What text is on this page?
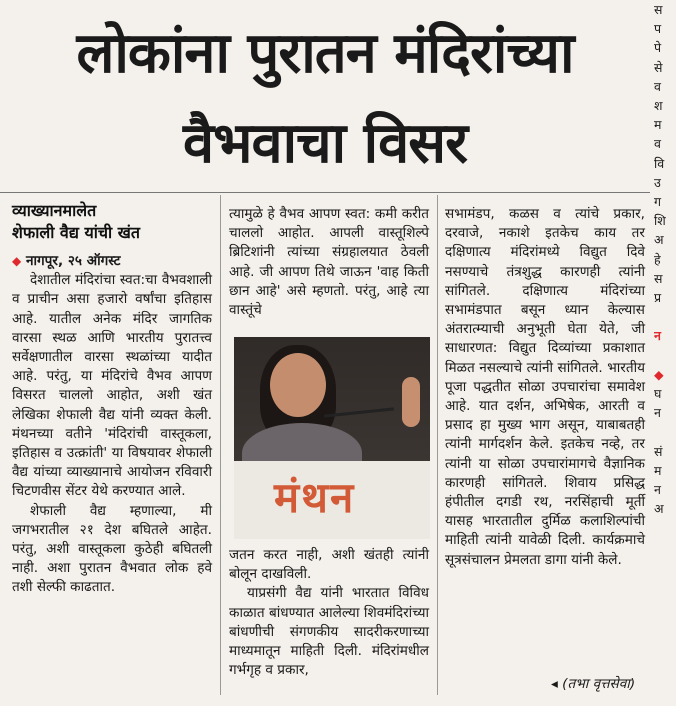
लोकांना पुरातन मंदिरांच्या
वैभवाचा विसर

व्याख्यानमालेत

शेफाली वैद्य यांची खंत

◆ नागपूर, २५ ऑगस्ट

देशातील मंदिरांचा स्वत:चा वैभवशाली व प्राचीन असा हजारो वर्षांचा इतिहास आहे. यातील अनेक मंदिर जागतिक वारसा स्थळ आणि भारतीय पुरातत्त्व सर्वेक्षणातील वारसा स्थळांच्या यादीत आहे. परंतु, या मंदिरांचे वैभव आपण विसरत चाललो आहोत, अशी खंत लेखिका शेफाली वैद्य यांनी व्यक्त केली. मंथनच्या वतीने 'मंदिरांची वास्तूकला, इतिहास व उत्क्रांती' या विषयावर शेफाली वैद्य यांच्या व्याख्यानाचे आयोजन रविवारी चिटणवीस सेंटर येथे करण्यात आले.

शेफाली वैद्य म्हणाल्या, मी जगभरातील २१ देश बघितले आहेत. परंतु, अशी वास्तूकला कुठेही बघितली नाही. अशा पुरातन वैभवात लोक हवे तशी सेल्फी काढतात.

त्यामुळे हे वैभव आपण स्वत: कमी करीत चाललो आहोत. आपली वास्तूशिल्पे ब्रिटिशांनी त्यांच्या संग्रहालयात ठेवली आहे. जी आपण तिथे जाऊन 'वाह किती छान आहे' असे म्हणतो. परंतु, आहे त्या वास्तूंचे

मंथन

जतन करत नाही, अशी खंतही त्यांनी बोलून दाखविली.

याप्रसंगी वैद्य यांनी भारतात विविध काळात बांधण्यात आलेल्या शिवमंदिरांच्या बांधणीची संगणकीय सादरीकरणाच्या माध्यमातून माहिती दिली. मंदिरांमधील गर्भगृह व प्रकार,

सभामंडप, कळस व त्यांचे प्रकार, दरवाजे, नकाशे इतकेच काय तर दक्षिणात्य मंदिरांमध्ये विद्युत दिवे नसण्याचे तंत्रशुद्ध कारणही त्यांनी सांगितले. दक्षिणात्य मंदिरांच्या सभामंडपात बसून ध्यान केल्यास अंतरात्म्याची अनुभूती घेता येते, जी साधारणत: विद्युत दिव्यांच्या प्रकाशात मिळत नसल्याचे त्यांनी सांगितले. भारतीय पूजा पद्धतीत सोळा उपचारांचा समावेश आहे. यात दर्शन, अभिषेक, आरती व प्रसाद हा मुख्य भाग असून, याबाबतही त्यांनी मार्गदर्शन केले. इतकेच नव्हे, तर त्यांनी या सोळा उपचारांमागचे वैज्ञानिक कारणही सांगितले. शिवाय प्रसिद्ध हंपीतील दगडी रथ, नरसिंहाची मूर्ती यासह भारतातील दुर्मिळ कलाशिल्पांची माहिती त्यांनी यावेळी दिली. कार्यक्रमाचे सूत्रसंचालन प्रेमलता डागा यांनी केले.

◂ (तभा वृत्तसेवा)
स
प
पे
से
व
श
म
व
वि
उ
ग
शि
अ
हे
स
प्र

न

◆
घ
न

सं
म
न
अ
